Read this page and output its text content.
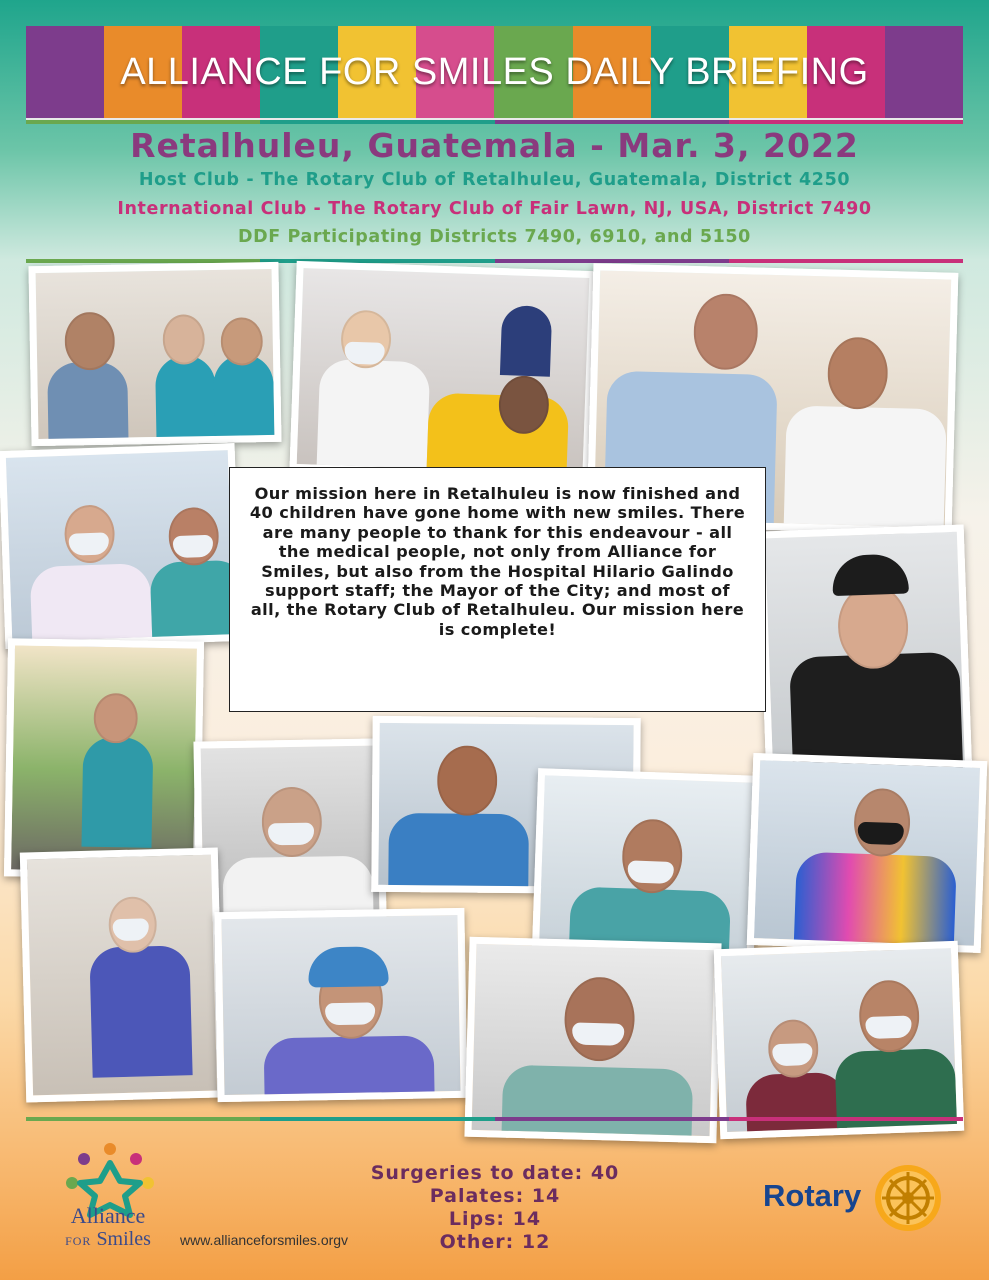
ALLIANCE FOR SMILES DAILY BRIEFING
Retalhuleu, Guatemala - Mar. 3, 2022
Host Club - The Rotary Club of Retalhuleu, Guatemala, District 4250
International Club - The Rotary Club of Fair Lawn, NJ, USA, District 7490
DDF Participating Districts 7490, 6910, and 5150
Our mission here in Retalhuleu is now finished and 40 children have gone home with new smiles. There are many people to thank for this endeavour - all the medical people, not only from Alliance for Smiles, but also from the Hospital Hilario Galindo support staff; the Mayor of the City; and most of all, the Rotary Club of Retalhuleu. Our mission here is complete!
Alliance
FOR Smiles	www.allianceforsmiles.orgv
Surgeries to date: 40
Palates: 14
Lips: 14
Other: 12
Rotary
